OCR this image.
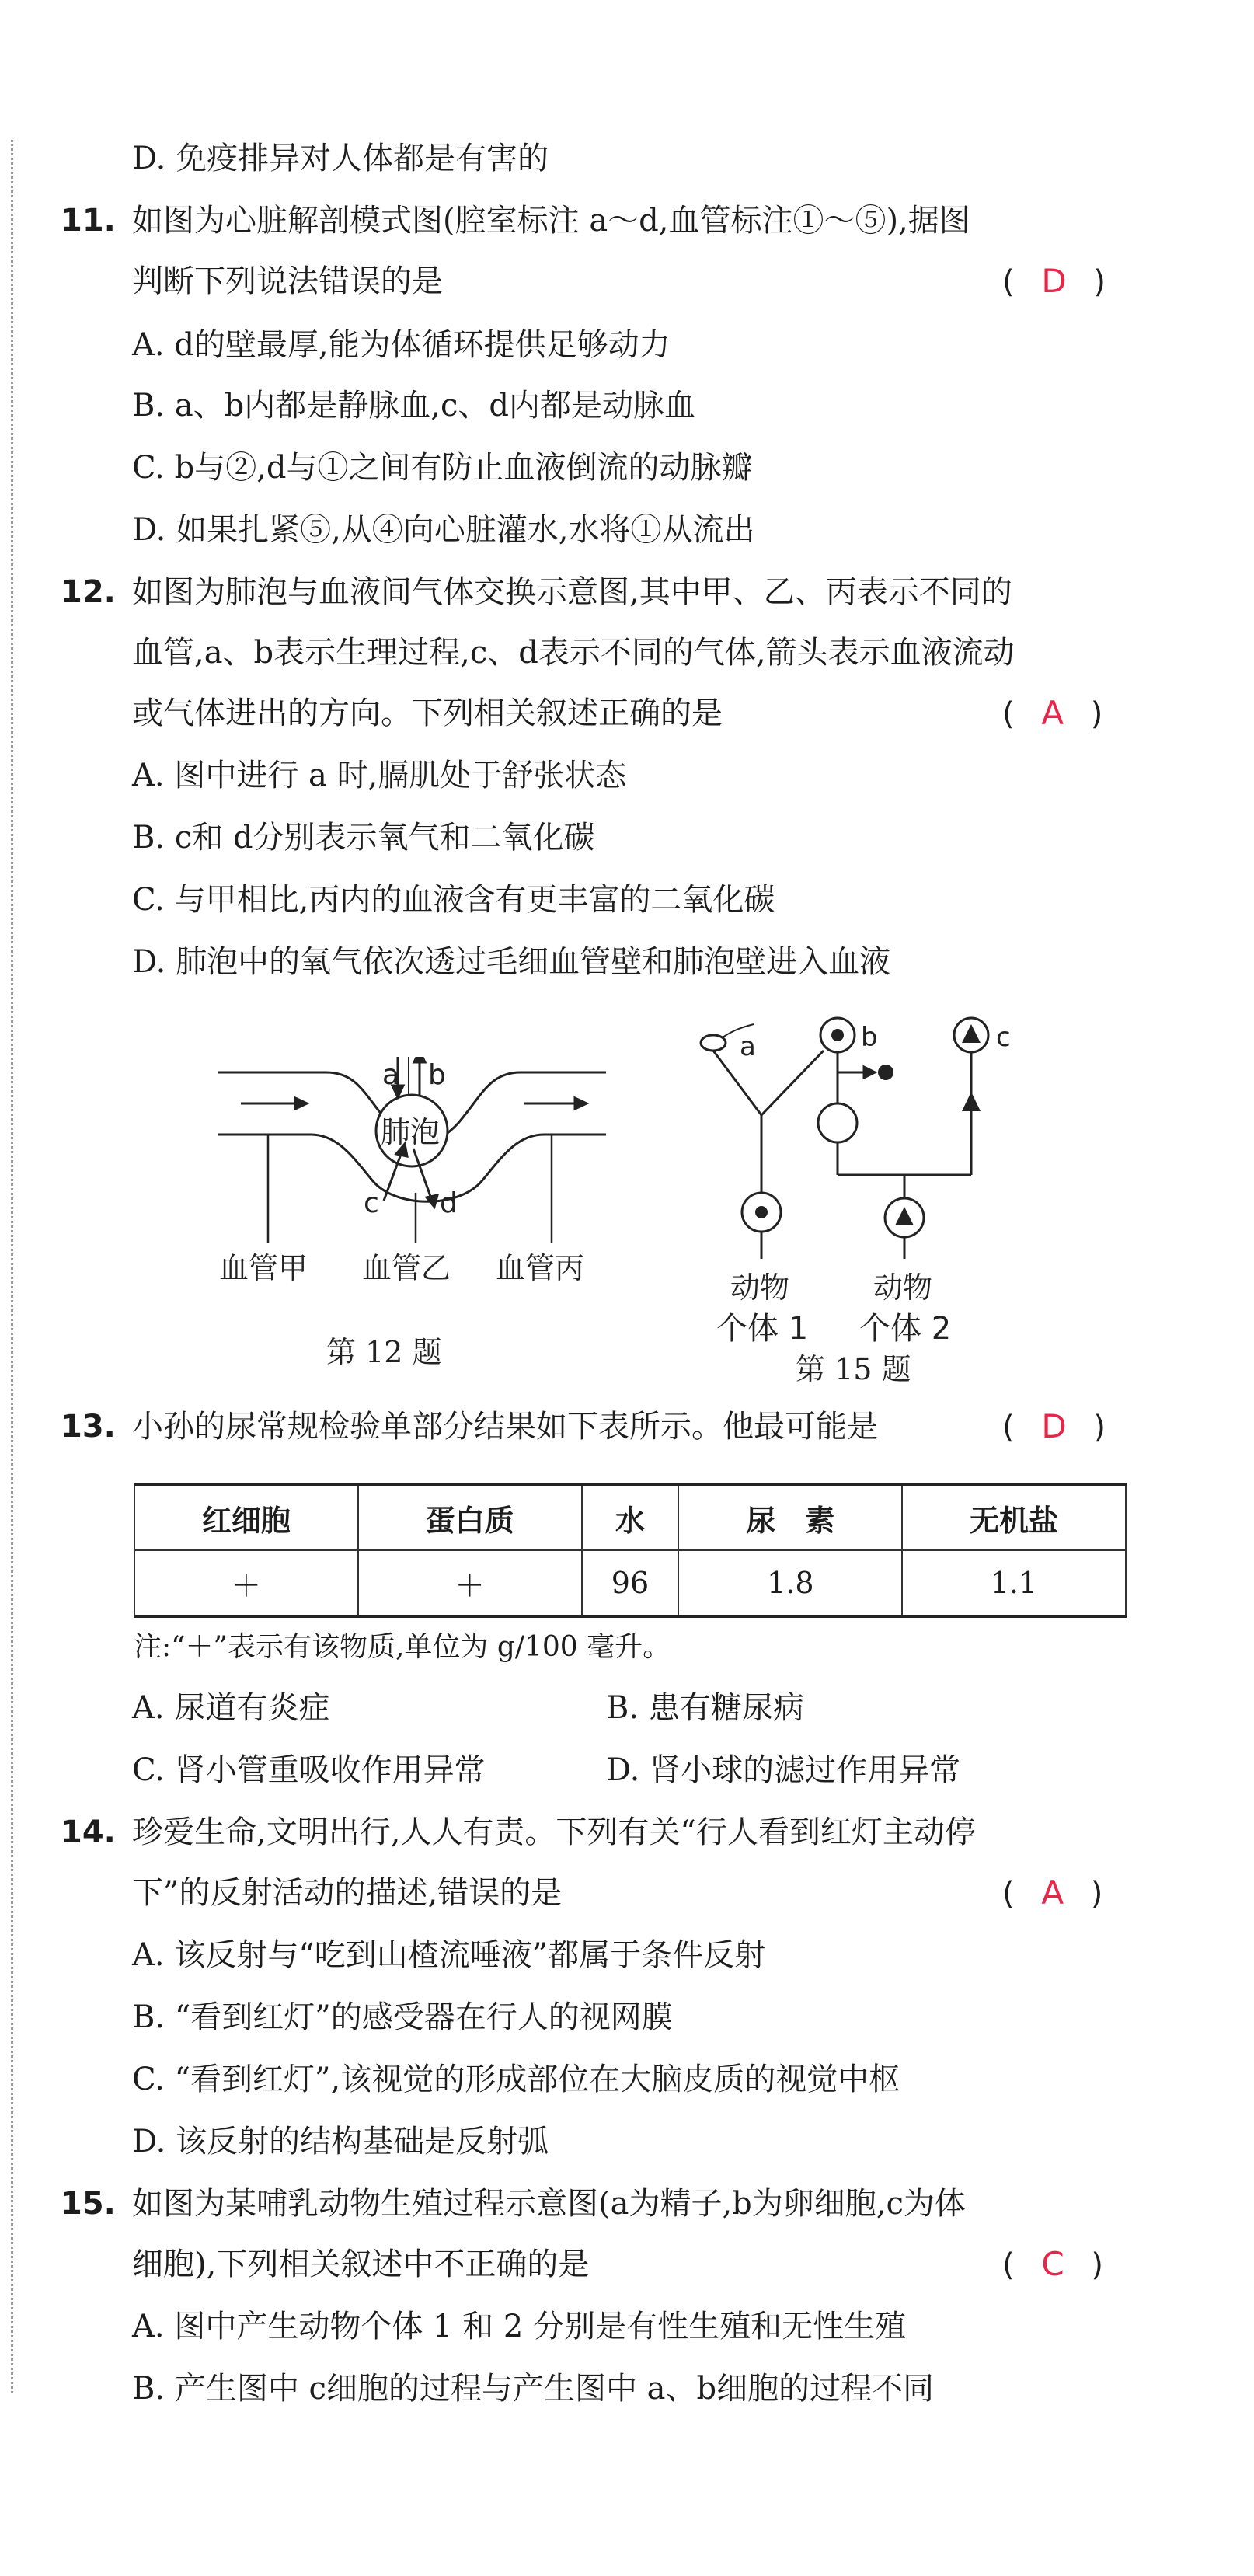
D. 免疫排异对人体都是有害的
11. 如图为心脏解剖模式图(腔室标注 a～d,血管标注①～⑤),据图
判断下列说法错误的是	( D )
A. d的壁最厚,能为体循环提供足够动力
B. a、b内都是静脉血,c、d内都是动脉血
C. b与②,d与①之间有防止血液倒流的动脉瓣
D. 如果扎紧⑤,从④向心脏灌水,水将①从流出
12. 如图为肺泡与血液间气体交换示意图,其中甲、乙、丙表示不同的
血管,a、b表示生理过程,c、d表示不同的气体,箭头表示血液流动
或气体进出的方向。下列相关叙述正确的是	( A )
A. 图中进行 a 时,膈肌处于舒张状态
B. c和 d分别表示氧气和二氧化碳
C. 与甲相比,丙内的血液含有更丰富的二氧化碳
D. 肺泡中的氧气依次透过毛细血管壁和肺泡壁进入血液
a b
肺泡
c d
血管甲 血管乙 血管丙
第 12 题
a	b	c
动物	动物
个体 1 个体 2
第 15 题
13. 小孙的尿常规检验单部分结果如下表所示。他最可能是	( D )
红细胞	蛋白质	水	尿　素	无机盐
＋	＋	96	1.8	1.1
注:“＋”表示有该物质,单位为 g/100 毫升。
A. 尿道有炎症	B. 患有糖尿病
C. 肾小管重吸收作用异常	D. 肾小球的滤过作用异常
14. 珍爱生命,文明出行,人人有责。下列有关“行人看到红灯主动停
下”的反射活动的描述,错误的是	( A )
A. 该反射与“吃到山楂流唾液”都属于条件反射
B. “看到红灯”的感受器在行人的视网膜
C. “看到红灯”,该视觉的形成部位在大脑皮质的视觉中枢
D. 该反射的结构基础是反射弧
15. 如图为某哺乳动物生殖过程示意图(a为精子,b为卵细胞,c为体
细胞),下列相关叙述中不正确的是	( C )
A. 图中产生动物个体 1 和 2 分别是有性生殖和无性生殖
B. 产生图中 c细胞的过程与产生图中 a、b细胞的过程不同
